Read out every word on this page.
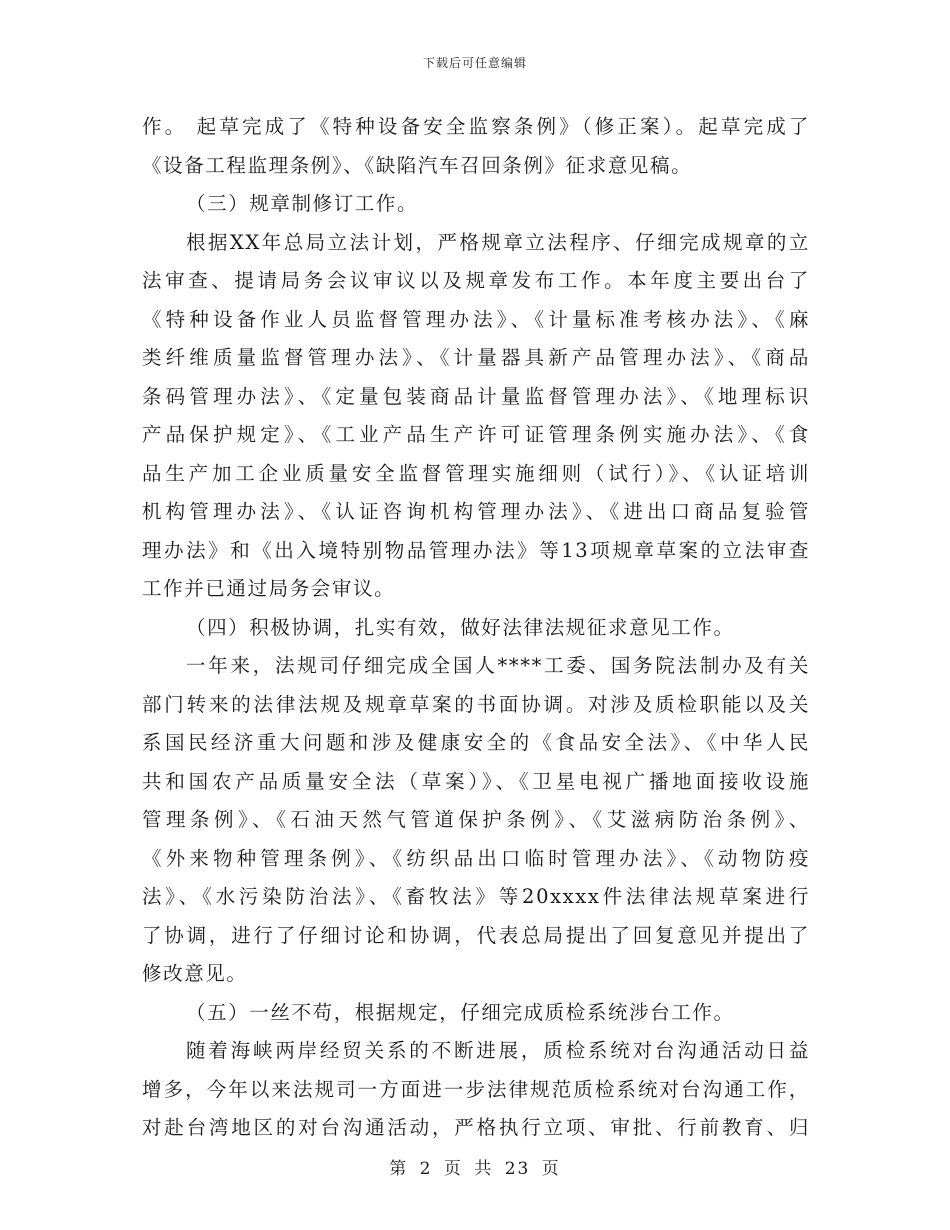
下载后可任意编辑
作。 起草完成了《特种设备安全监察条例》（修正案）。起草完成了
《设备工程监理条例》、《缺陷汽车召回条例》征求意见稿。
（三）规章制修订工作。
根据XX年总局立法计划，严格规章立法程序、仔细完成规章的立
法审查、提请局务会议审议以及规章发布工作。本年度主要出台了
《特种设备作业人员监督管理办法》、《计量标准考核办法》、《麻
类纤维质量监督管理办法》、《计量器具新产品管理办法》、《商品
条码管理办法》、《定量包装商品计量监督管理办法》、《地理标识
产品保护规定》、《工业产品生产许可证管理条例实施办法》、《食
品生产加工企业质量安全监督管理实施细则（试行）》、《认证培训
机构管理办法》、《认证咨询机构管理办法》、《进出口商品复验管
理办法》和《出入境特别物品管理办法》等13项规章草案的立法审查
工作并已通过局务会审议。
（四）积极协调，扎实有效，做好法律法规征求意见工作。
一年来，法规司仔细完成全国人****工委、国务院法制办及有关
部门转来的法律法规及规章草案的书面协调。对涉及质检职能以及关
系国民经济重大问题和涉及健康安全的《食品安全法》、《中华人民
共和国农产品质量安全法（草案）》、《卫星电视广播地面接收设施
管理条例》、《石油天然气管道保护条例》、《艾滋病防治条例》、
《外来物种管理条例》、《纺织品出口临时管理办法》、《动物防疫
法》、《水污染防治法》、《畜牧法》等20xxxx件法律法规草案进行
了协调，进行了仔细讨论和协调，代表总局提出了回复意见并提出了
修改意见。
（五）一丝不苟，根据规定，仔细完成质检系统涉台工作。
随着海峡两岸经贸关系的不断进展，质检系统对台沟通活动日益
增多，今年以来法规司一方面进一步法律规范质检系统对台沟通工作，
对赴台湾地区的对台沟通活动，严格执行立项、审批、行前教育、归
第 2 页 共 23 页
